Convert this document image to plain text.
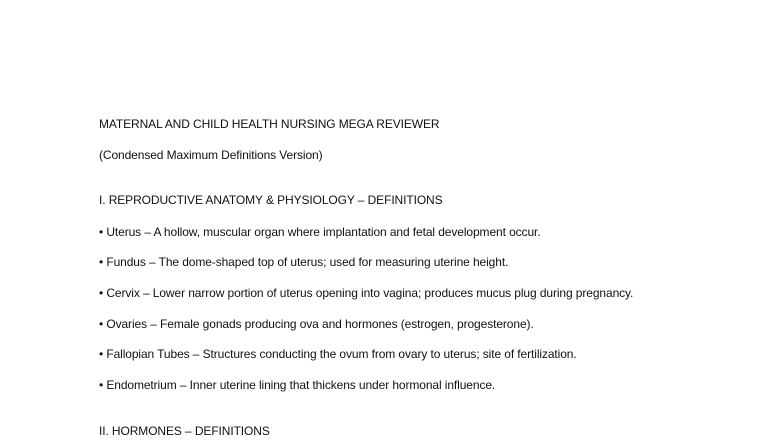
MATERNAL AND CHILD HEALTH NURSING MEGA REVIEWER
(Condensed Maximum Definitions Version)
I. REPRODUCTIVE ANATOMY & PHYSIOLOGY – DEFINITIONS
• Uterus – A hollow, muscular organ where implantation and fetal development occur.
• Fundus – The dome-shaped top of uterus; used for measuring uterine height.
• Cervix – Lower narrow portion of uterus opening into vagina; produces mucus plug during pregnancy.
• Ovaries – Female gonads producing ova and hormones (estrogen, progesterone).
• Fallopian Tubes – Structures conducting the ovum from ovary to uterus; site of fertilization.
• Endometrium – Inner uterine lining that thickens under hormonal influence.
II. HORMONES – DEFINITIONS
